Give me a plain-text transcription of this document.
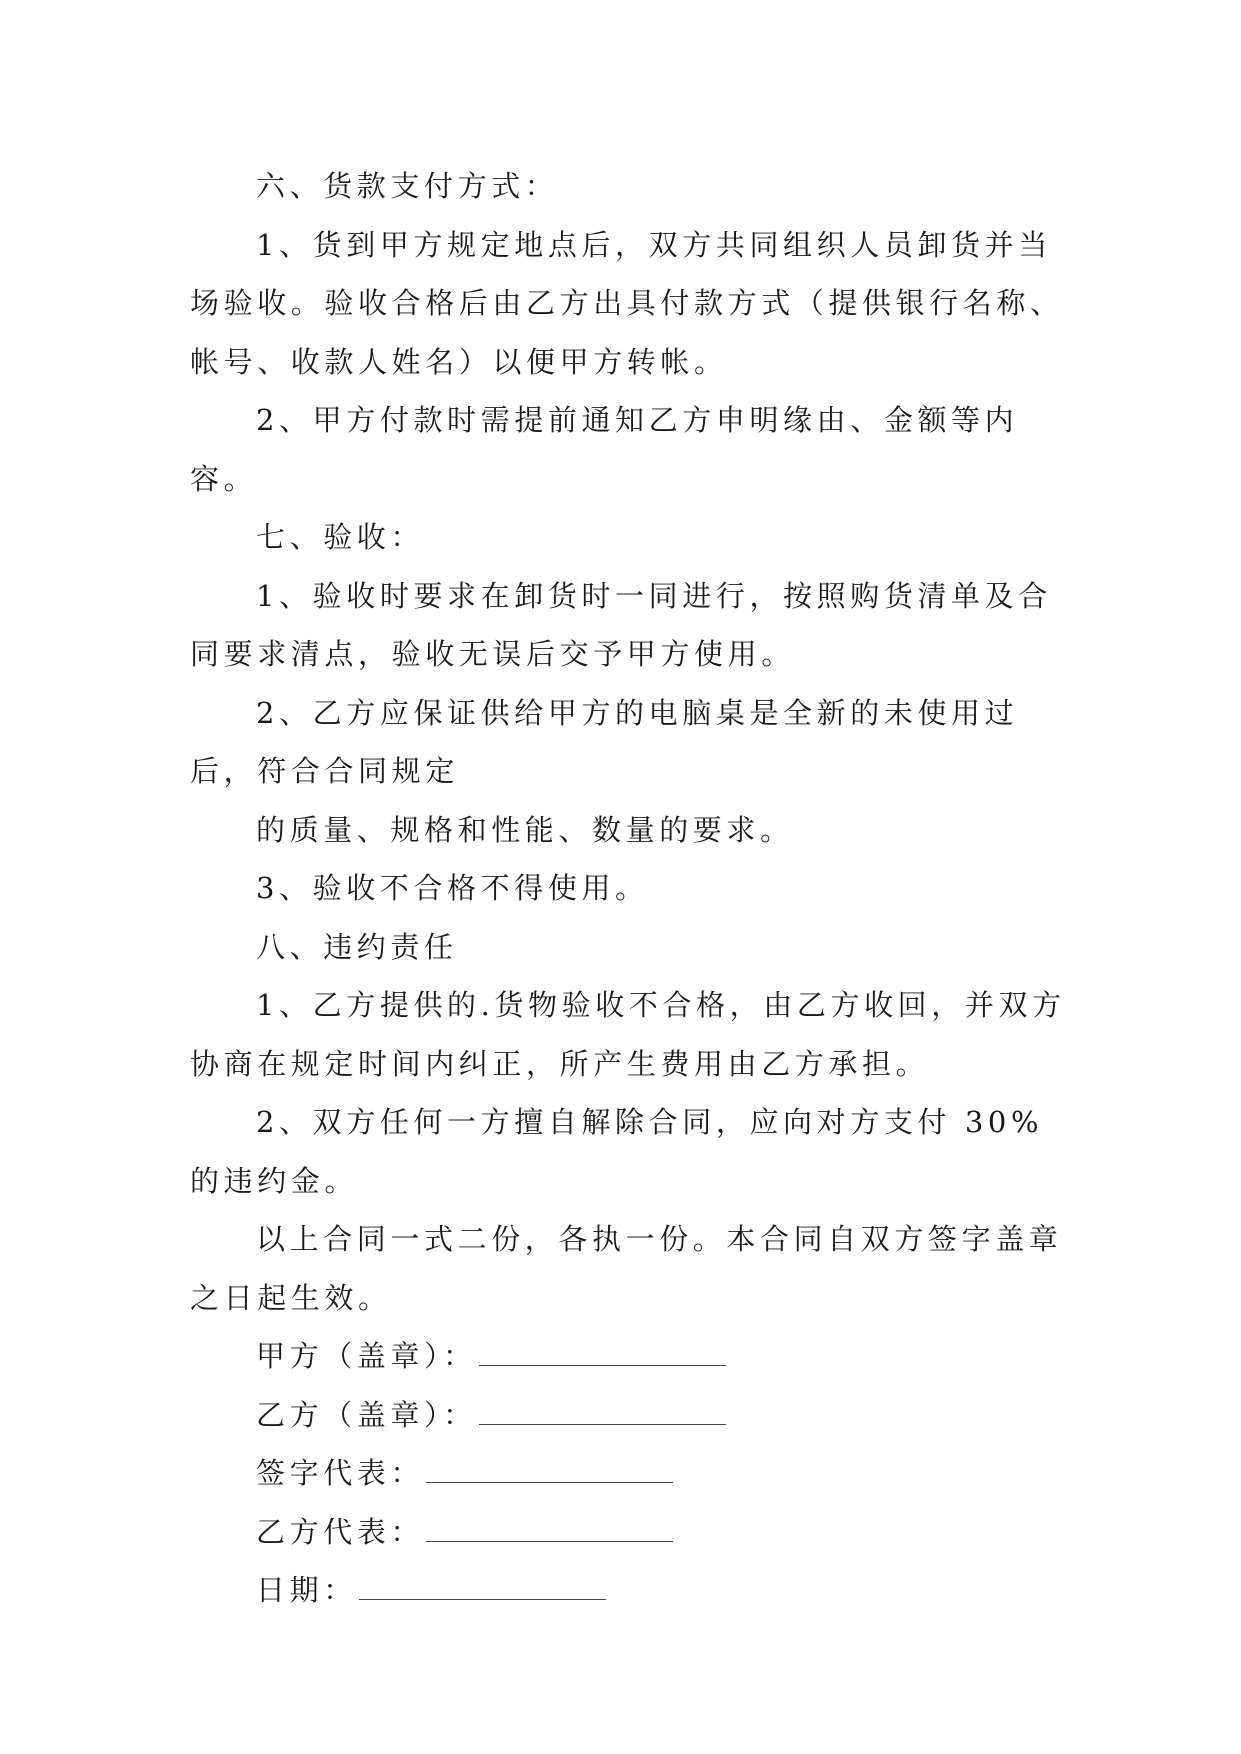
六、货款支付方式：

1、货到甲方规定地点后，双方共同组织人员卸货并当场验收。验收合格后由乙方出具付款方式（提供银行名称、帐号、收款人姓名）以便甲方转帐。

2、甲方付款时需提前通知乙方申明缘由、金额等内容。

七、验收：

1、验收时要求在卸货时一同进行，按照购货清单及合同要求清点，验收无误后交予甲方使用。

2、乙方应保证供给甲方的电脑桌是全新的未使用过后，符合合同规定

的质量、规格和性能、数量的要求。

3、验收不合格不得使用。

八、违约责任

1、乙方提供的.货物验收不合格，由乙方收回，并双方协商在规定时间内纠正，所产生费用由乙方承担。

2、双方任何一方擅自解除合同，应向对方支付 30%的违约金。

以上合同一式二份，各执一份。本合同自双方签字盖章之日起生效。

甲方（盖章）：
乙方（盖章）：
签字代表：
乙方代表：
日期：
